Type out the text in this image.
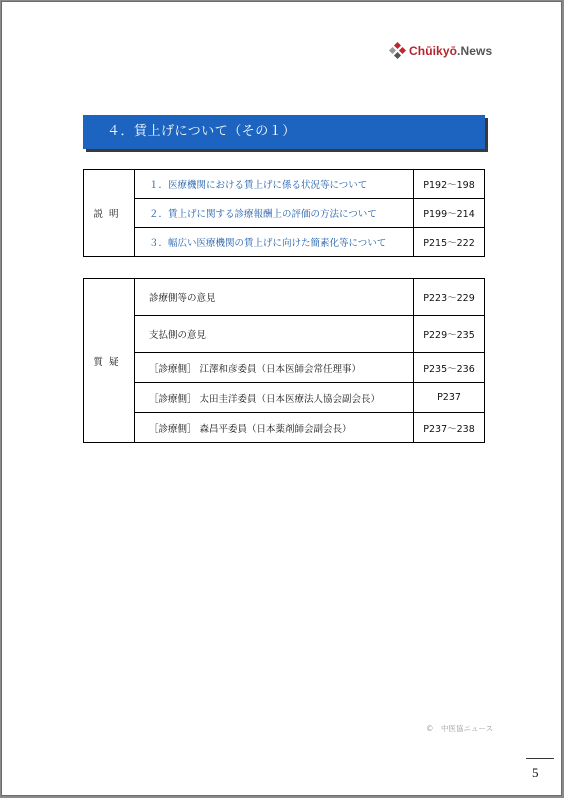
Chūikyō.News
４．賃上げについて（その１）
説明	１．医療機関における賃上げに係る状況等について	P192～198
	２．賃上げに関する診療報酬上の評価の方法について	P199～214
	３．幅広い医療機関の賃上げに向けた簡素化等について	P215～222
質疑	診療側等の意見	P223～229
	支払側の意見	P229～235
	［診療側］ 江澤和彦委員（日本医師会常任理事）	P235～236
	［診療側］ 太田圭洋委員（日本医療法人協会副会長）	P237
	［診療側］ 森昌平委員（日本薬剤師会副会長）	P237～238
©　中医協ニュース
5
